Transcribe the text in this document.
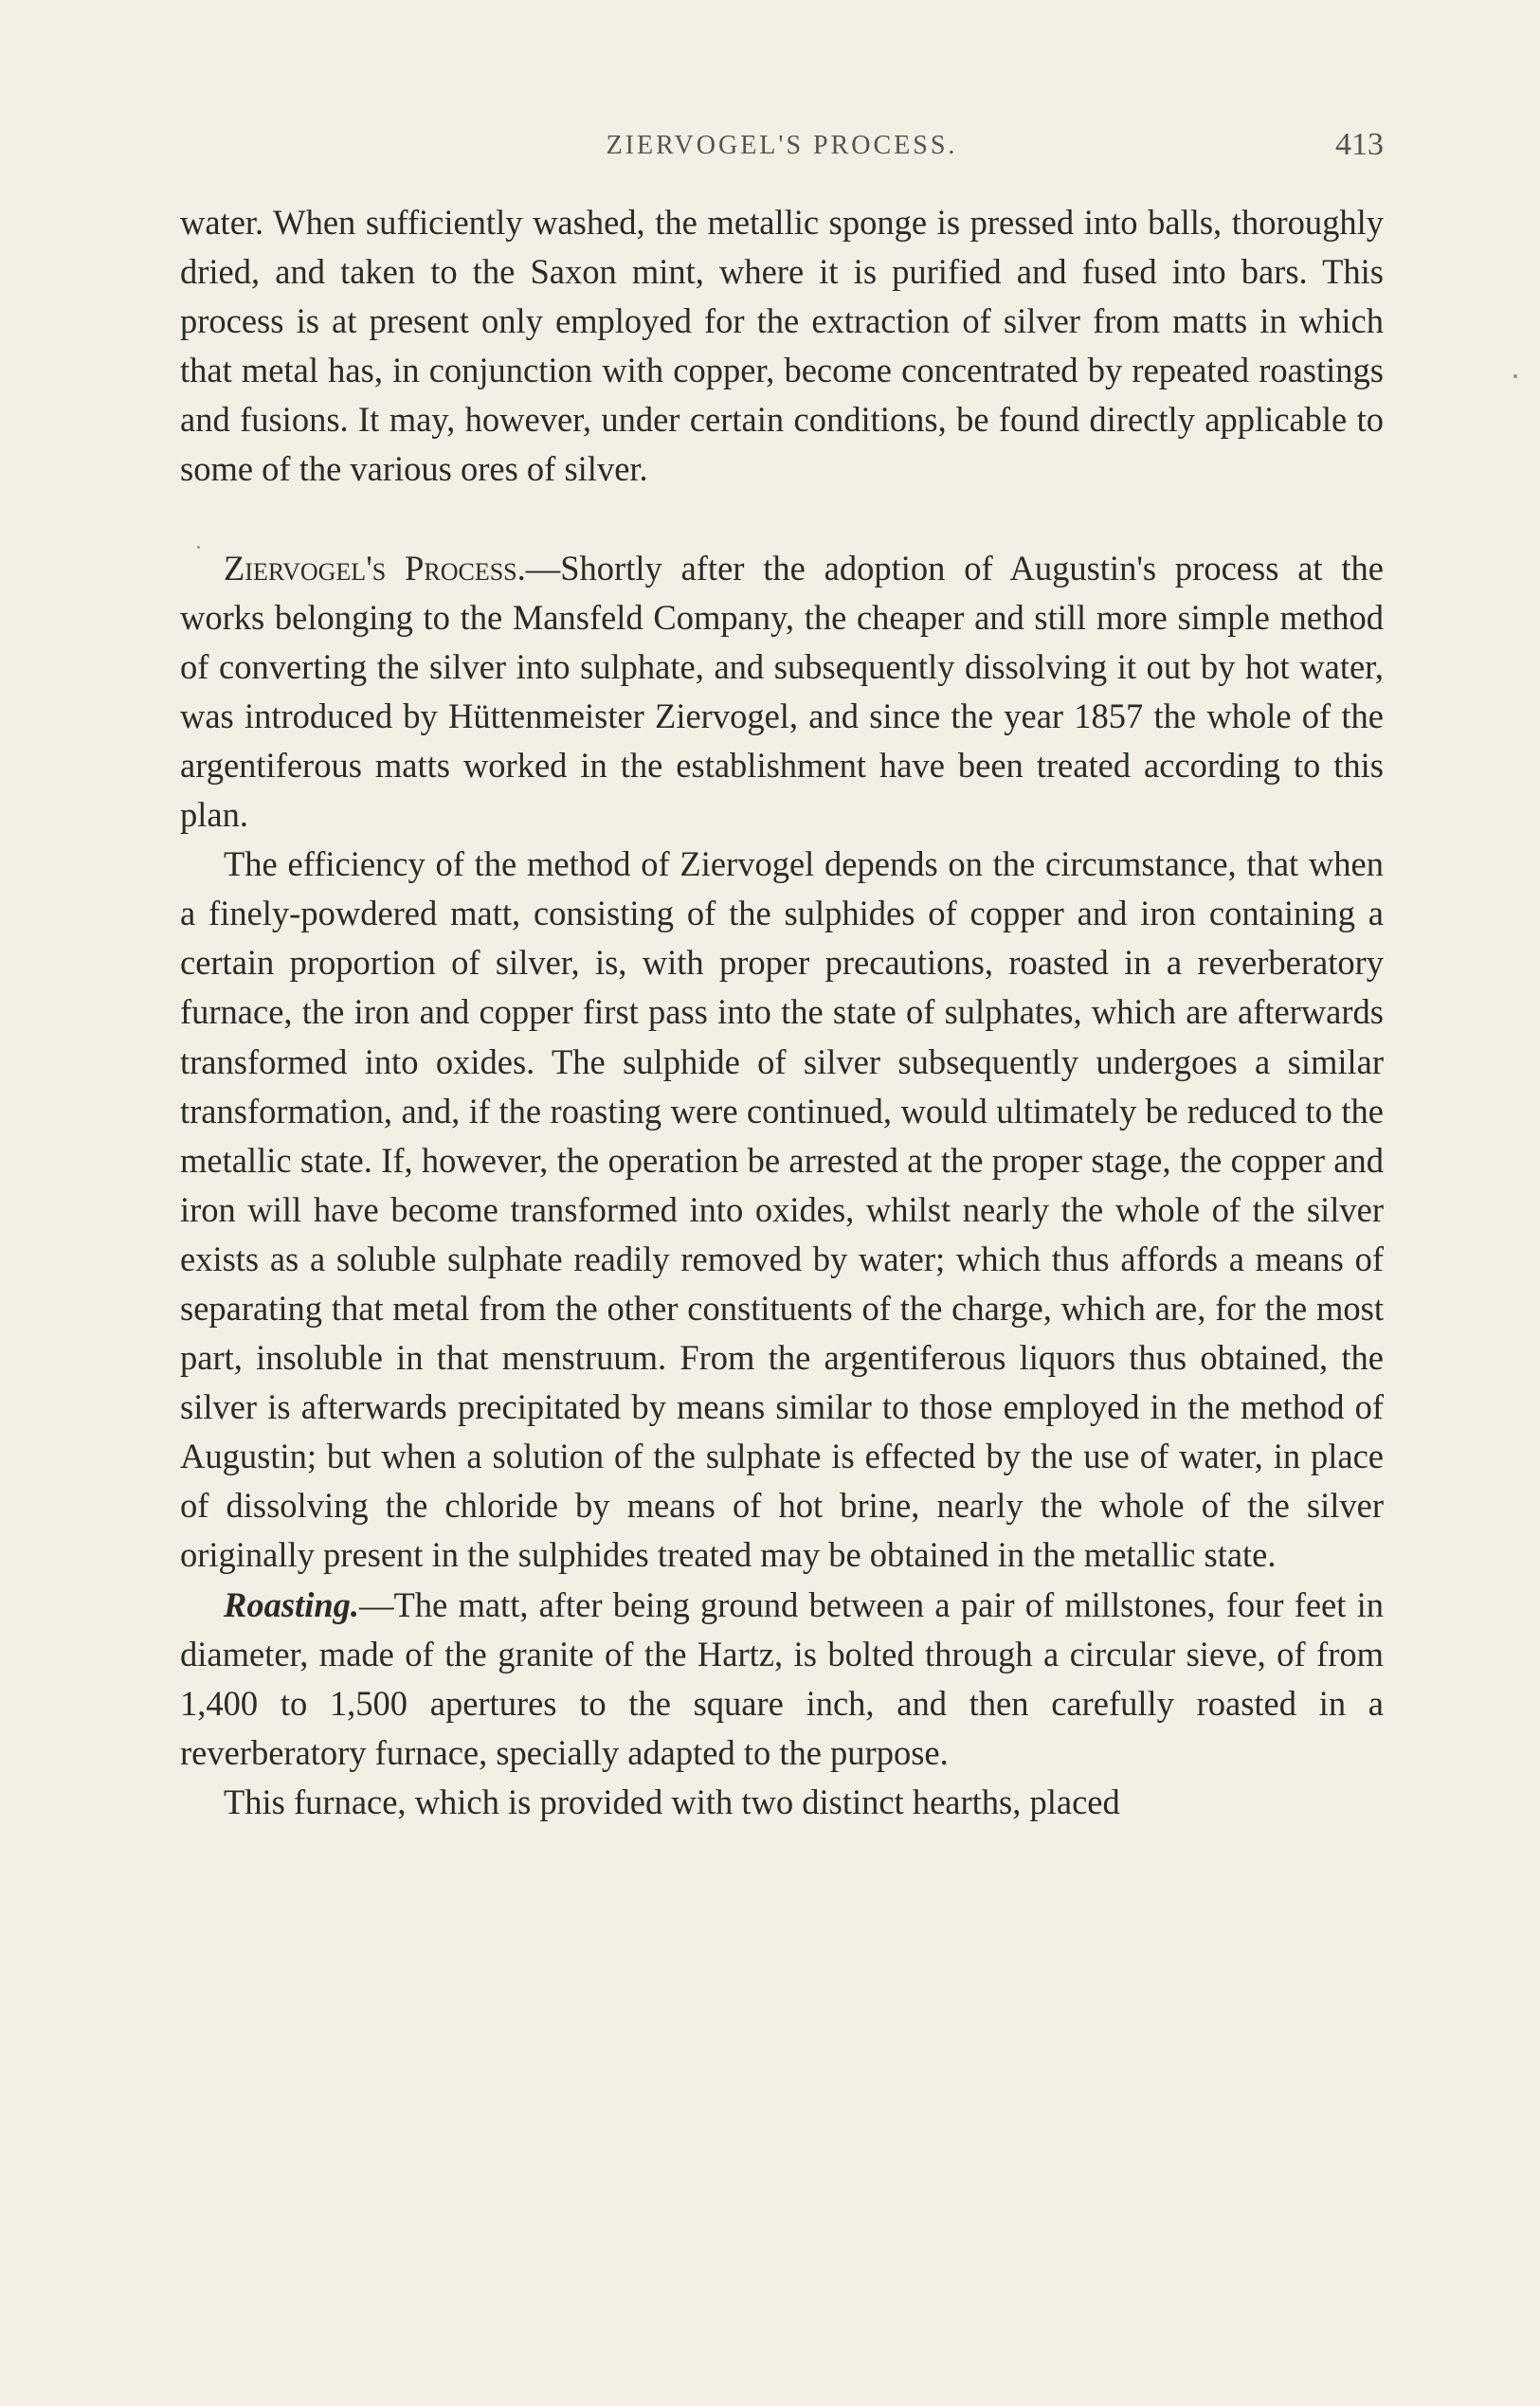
ZIERVOGEL'S PROCESS.	413

water. When sufficiently washed, the metallic sponge is pressed into balls, thoroughly dried, and taken to the Saxon mint, where it is purified and fused into bars. This process is at present only employed for the extraction of silver from matts in which that metal has, in conjunction with copper, become concentrated by repeated roastings and fusions. It may, however, under certain conditions, be found directly applicable to some of the various ores of silver.

Ziervogel's Process.—Shortly after the adoption of Augustin's process at the works belonging to the Mansfeld Company, the cheaper and still more simple method of converting the silver into sulphate, and subsequently dissolving it out by hot water, was introduced by Hüttenmeister Ziervogel, and since the year 1857 the whole of the argentiferous matts worked in the establishment have been treated according to this plan.

The efficiency of the method of Ziervogel depends on the circumstance, that when a finely-powdered matt, consisting of the sulphides of copper and iron containing a certain proportion of silver, is, with proper precautions, roasted in a reverberatory furnace, the iron and copper first pass into the state of sulphates, which are afterwards transformed into oxides. The sulphide of silver subsequently undergoes a similar transformation, and, if the roasting were continued, would ultimately be reduced to the metallic state. If, however, the operation be arrested at the proper stage, the copper and iron will have become transformed into oxides, whilst nearly the whole of the silver exists as a soluble sulphate readily removed by water; which thus affords a means of separating that metal from the other constituents of the charge, which are, for the most part, insoluble in that menstruum. From the argentiferous liquors thus obtained, the silver is afterwards precipitated by means similar to those employed in the method of Augustin; but when a solution of the sulphate is effected by the use of water, in place of dissolving the chloride by means of hot brine, nearly the whole of the silver originally present in the sulphides treated may be obtained in the metallic state.

Roasting.—The matt, after being ground between a pair of millstones, four feet in diameter, made of the granite of the Hartz, is bolted through a circular sieve, of from 1,400 to 1,500 apertures to the square inch, and then carefully roasted in a reverberatory furnace, specially adapted to the purpose.

This furnace, which is provided with two distinct hearths, placed
